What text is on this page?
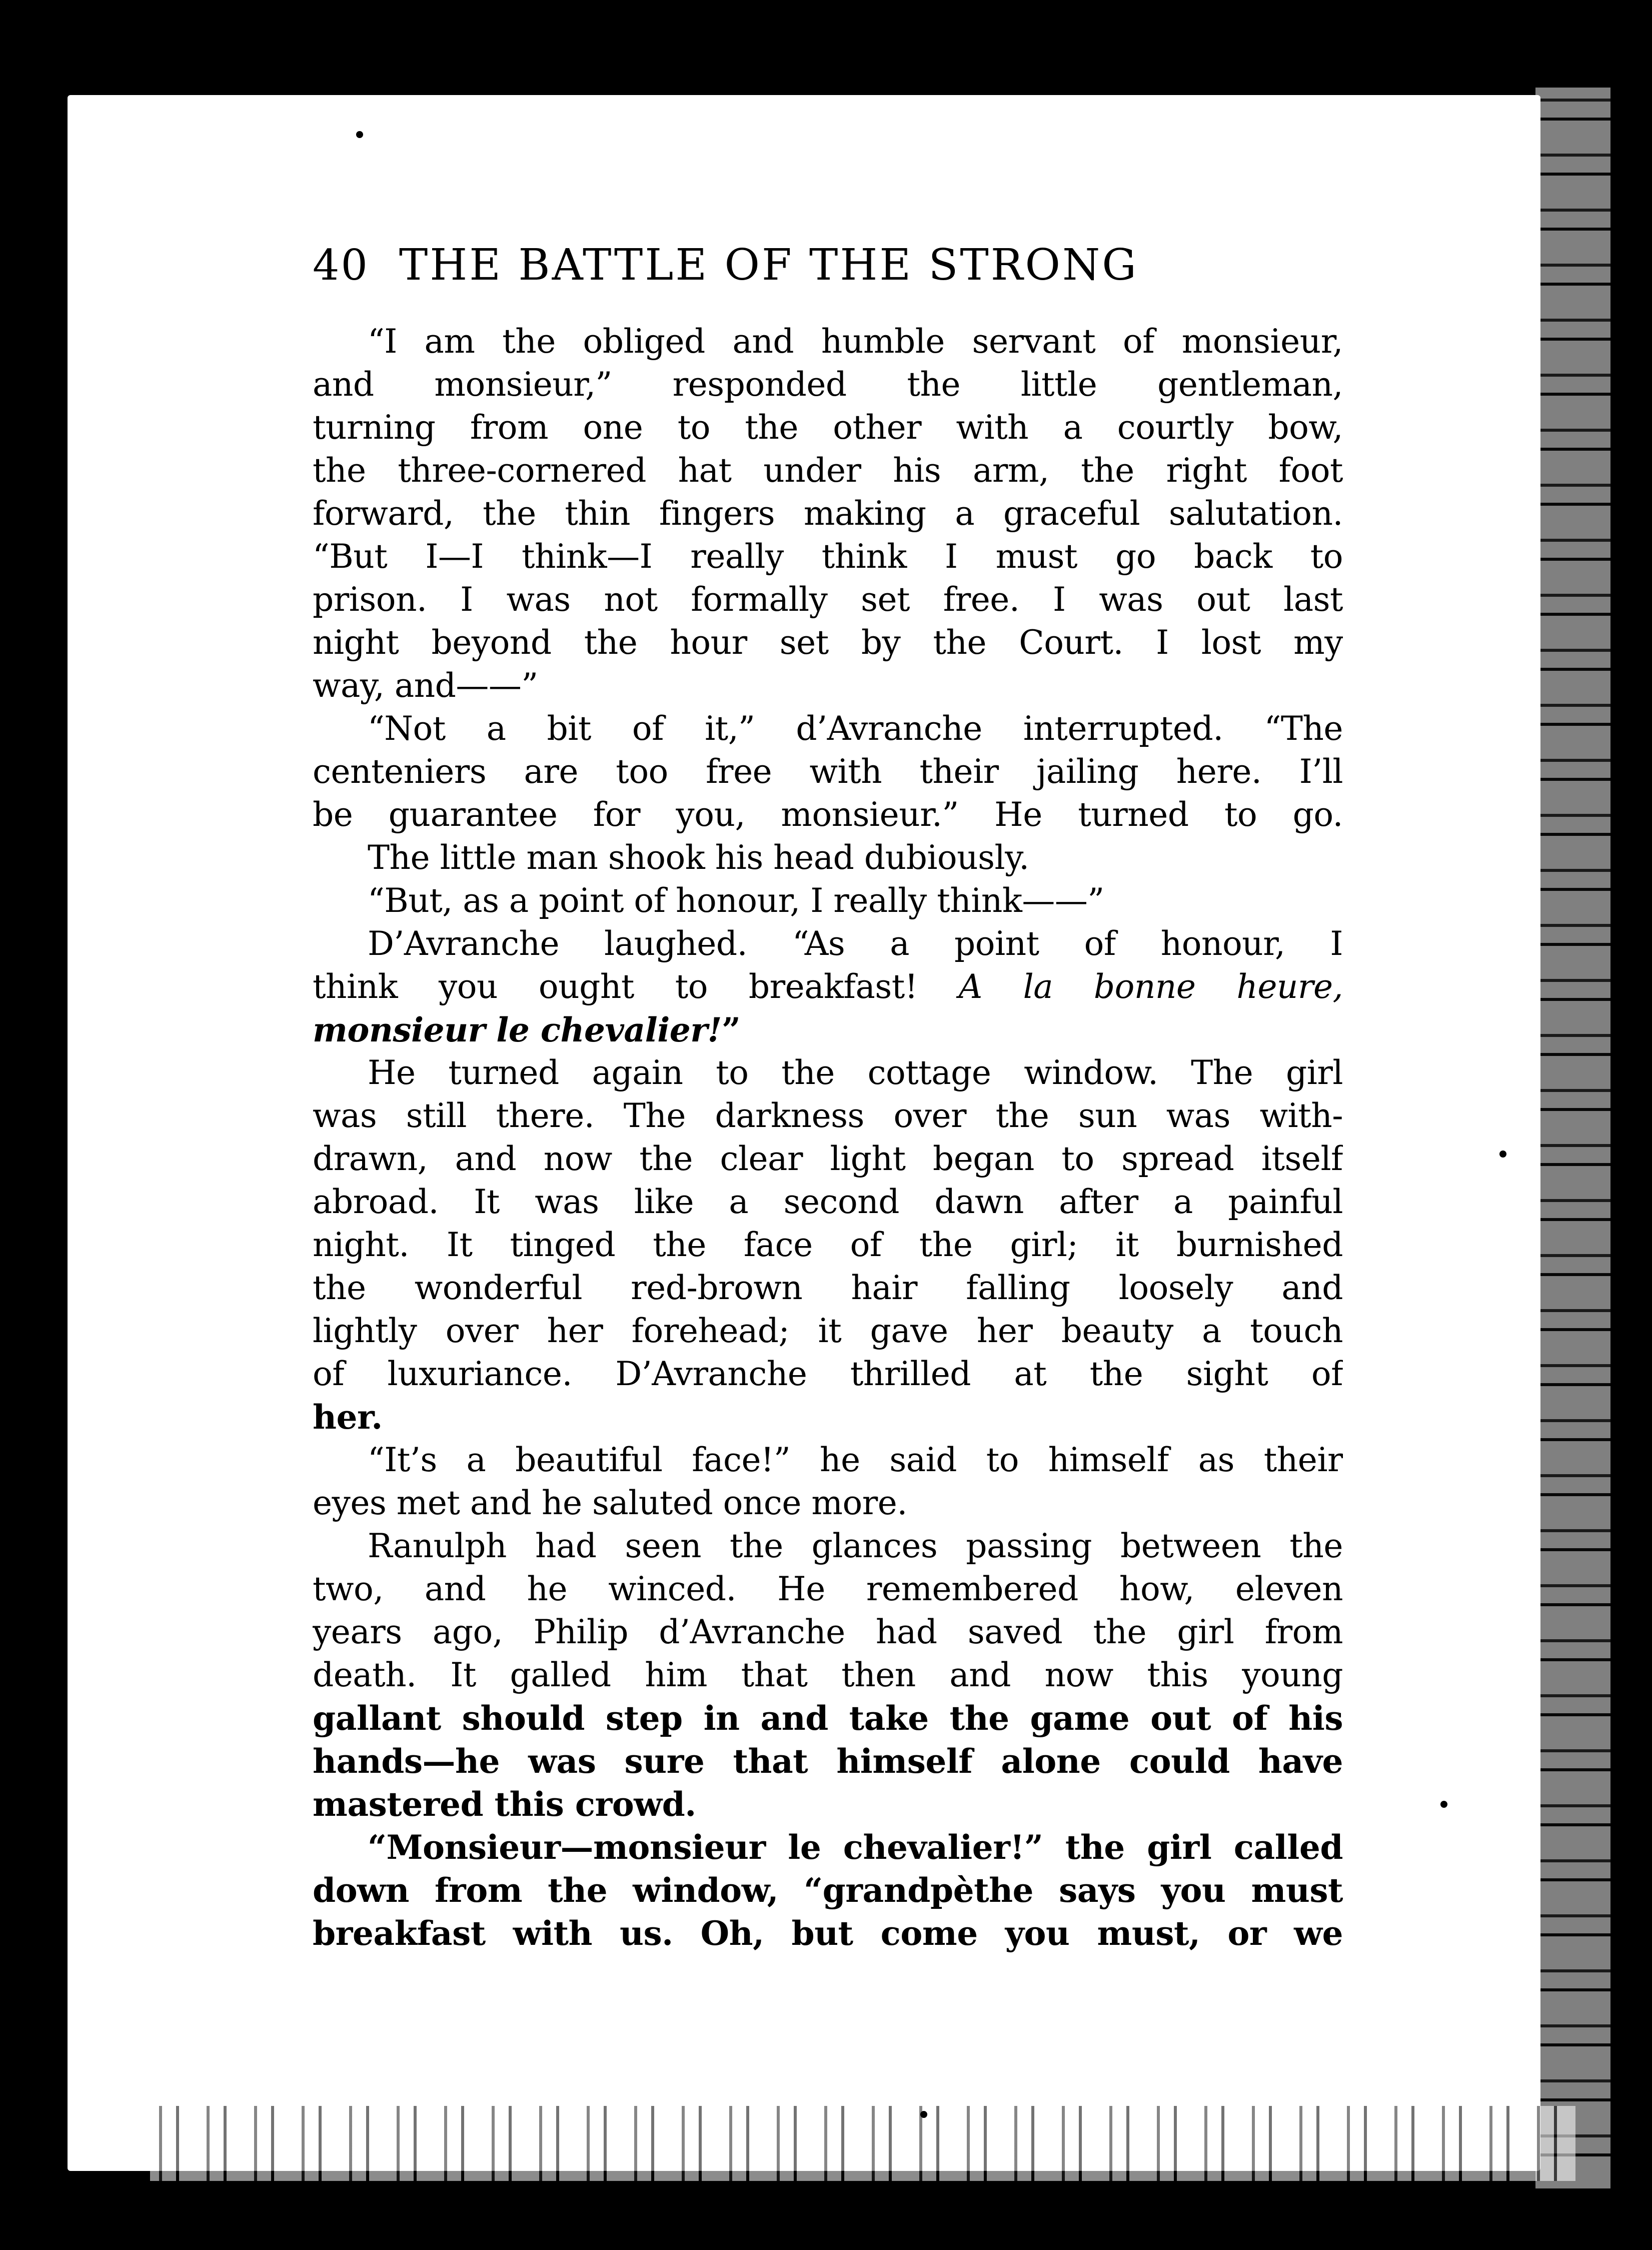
40 THE BATTLE OF THE STRONG
“I am the obliged and humble servant of monsieur,
and monsieur,” responded the little gentleman,
turning from one to the other with a courtly bow,
the three-cornered hat under his arm, the right foot
forward, the thin fingers making a graceful salutation.
“But I—I think—I really think I must go back to
prison. I was not formally set free. I was out last
night beyond the hour set by the Court. I lost my
way, and——”
“Not a bit of it,” d’Avranche interrupted. “The
centeniers are too free with their jailing here. I’ll
be guarantee for you, monsieur.” He turned to go.
The little man shook his head dubiously.
“But, as a point of honour, I really think——”
D’Avranche laughed. “As a point of honour, I
think you ought to breakfast! A la bonne heure,
monsieur le chevalier!”
He turned again to the cottage window. The girl
was still there. The darkness over the sun was with-
drawn, and now the clear light began to spread itself
abroad. It was like a second dawn after a painful
night. It tinged the face of the girl; it burnished
the wonderful red-brown hair falling loosely and
lightly over her forehead; it gave her beauty a touch
of luxuriance. D’Avranche thrilled at the sight of
her.
“It’s a beautiful face!” he said to himself as their
eyes met and he saluted once more.
Ranulph had seen the glances passing between the
two, and he winced. He remembered how, eleven
years ago, Philip d’Avranche had saved the girl from
death. It galled him that then and now this young
gallant should step in and take the game out of his
hands—he was sure that himself alone could have
mastered this crowd.
“Monsieur—monsieur le chevalier!” the girl called
down from the window, “grandpèthe says you must
breakfast with us. Oh, but come you must, or we
